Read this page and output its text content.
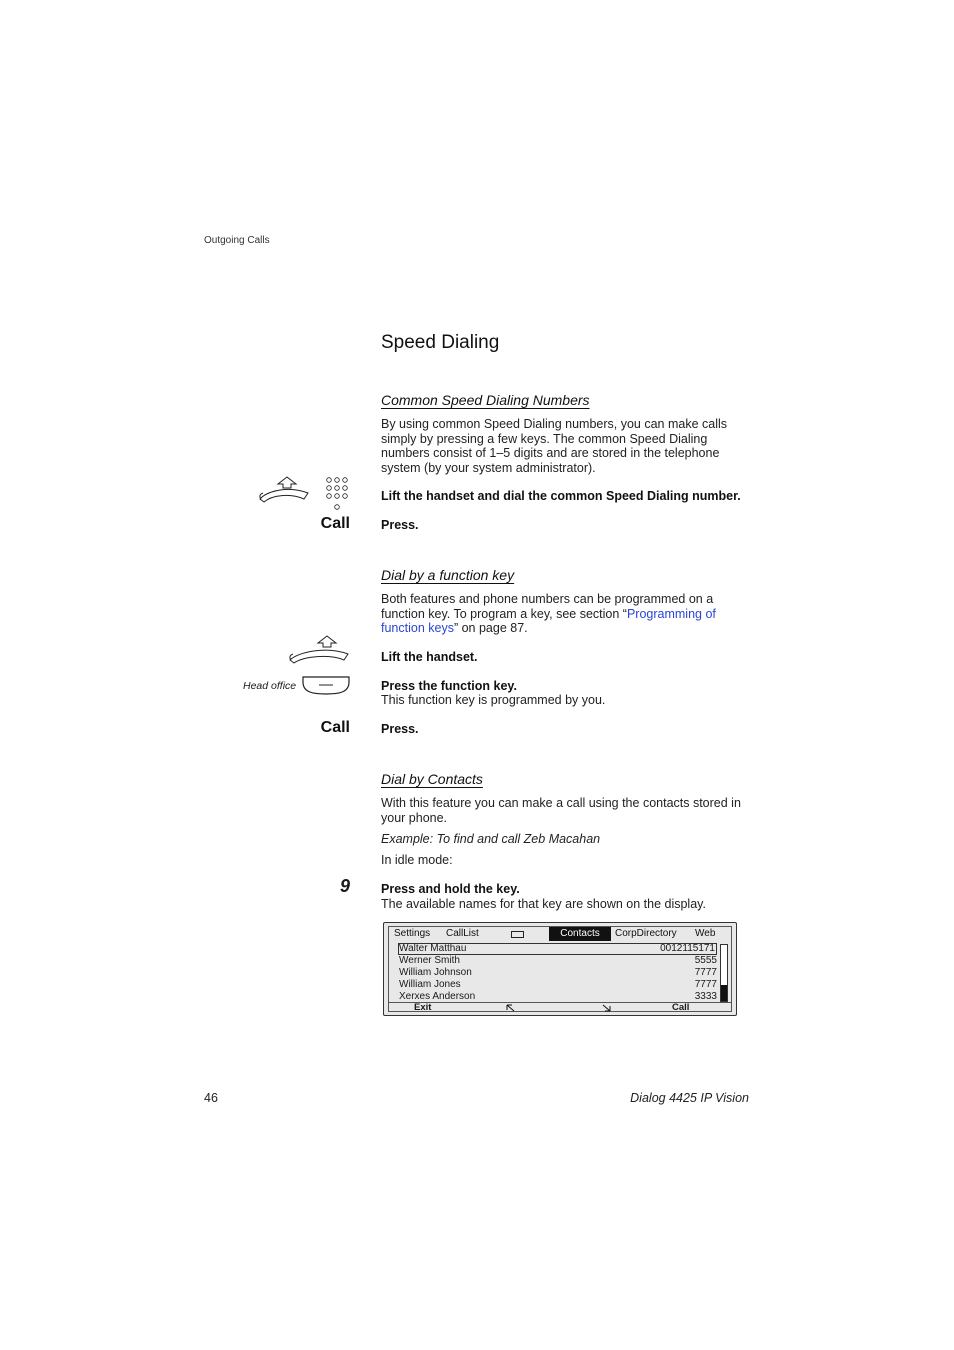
Outgoing Calls
Speed Dialing
Common Speed Dialing Numbers
By using common Speed Dialing numbers, you can make calls simply by pressing a few keys. The common Speed Dialing numbers consist of 1–5 digits and are stored in the telephone system (by your system administrator).
Lift the handset and dial the common Speed Dialing number.
Call Press.
Dial by a function key
Both features and phone numbers can be programmed on a function key. To program a key, see section “Programming of function keys” on page 87.
Lift the handset.
Head office	Press the function key.
This function key is programmed by you.
Call Press.
Dial by Contacts
With this feature you can make a call using the contacts stored in your phone.
Example: To find and call Zeb Macahan
In idle mode:
9 Press and hold the key.
The available names for that key are shown on the display.
Settings CallList	Contacts	CorpDirectory Web
Walter Matthau	0012115171
Werner Smith	5555
William Johnson	7777
William Jones	7777
Xerxes Anderson	3333
Exit	Call
46	Dialog 4425 IP Vision
